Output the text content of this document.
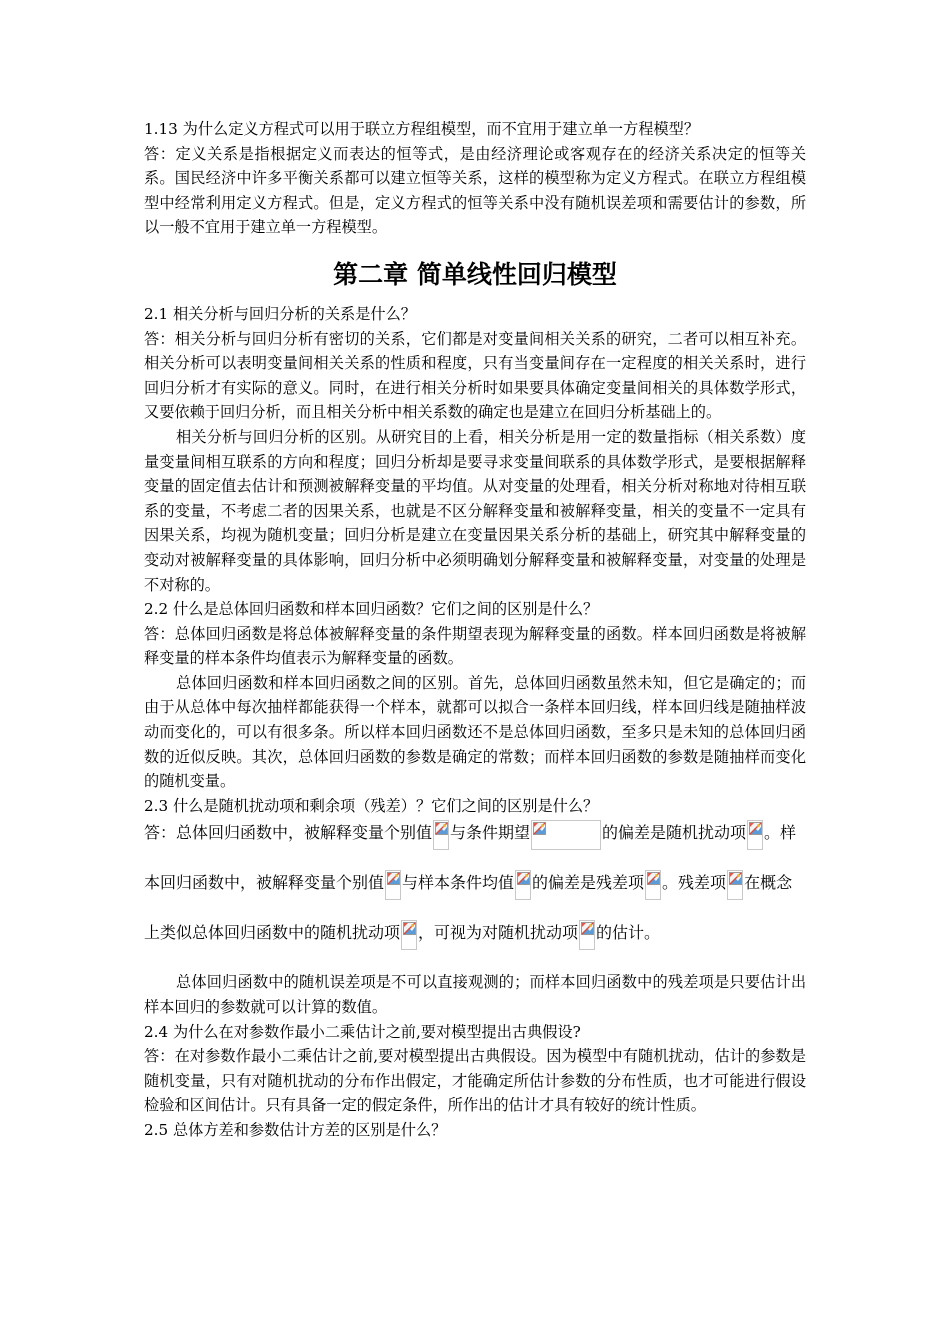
1.13 为什么定义方程式可以用于联立方程组模型，而不宜用于建立单一方程模型？

答：定义关系是指根据定义而表达的恒等式，是由经济理论或客观存在的经济关系决定的恒等关系。国民经济中许多平衡关系都可以建立恒等关系，这样的模型称为定义方程式。在联立方程组模型中经常利用定义方程式。但是，定义方程式的恒等关系中没有随机误差项和需要估计的参数，所以一般不宜用于建立单一方程模型。

第二章 简单线性回归模型

2.1 相关分析与回归分析的关系是什么？

答：相关分析与回归分析有密切的关系，它们都是对变量间相关关系的研究，二者可以相互补充。相关分析可以表明变量间相关关系的性质和程度，只有当变量间存在一定程度的相关关系时，进行回归分析才有实际的意义。同时，在进行相关分析时如果要具体确定变量间相关的具体数学形式，又要依赖于回归分析，而且相关分析中相关系数的确定也是建立在回归分析基础上的。

相关分析与回归分析的区别。从研究目的上看，相关分析是用一定的数量指标（相关系数）度量变量间相互联系的方向和程度；回归分析却是要寻求变量间联系的具体数学形式，是要根据解释变量的固定值去估计和预测被解释变量的平均值。从对变量的处理看，相关分析对称地对待相互联系的变量，不考虑二者的因果关系，也就是不区分解释变量和被解释变量，相关的变量不一定具有因果关系，均视为随机变量；回归分析是建立在变量因果关系分析的基础上，研究其中解释变量的变动对被解释变量的具体影响，回归分析中必须明确划分解释变量和被解释变量，对变量的处理是不对称的。

2.2 什么是总体回归函数和样本回归函数？它们之间的区别是什么？

答：总体回归函数是将总体被解释变量的条件期望表现为解释变量的函数。样本回归函数是将被解释变量的样本条件均值表示为解释变量的函数。

总体回归函数和样本回归函数之间的区别。首先，总体回归函数虽然未知，但它是确定的；而由于从总体中每次抽样都能获得一个样本，就都可以拟合一条样本回归线，样本回归线是随抽样波动而变化的，可以有很多条。所以样本回归函数还不是总体回归函数，至多只是未知的总体回归函数的近似反映。其次，总体回归函数的参数是确定的常数；而样本回归函数的参数是随抽样而变化的随机变量。

2.3 什么是随机扰动项和剩余项（残差）？它们之间的区别是什么？

答：总体回归函数中，被解释变量个别值 与条件期望	的偏差是随机扰动项 。样
本回归函数中，被解释变量个别值 与样本条件均值 的偏差是残差项 。残差项 在概念
上类似总体回归函数中的随机扰动项 ，可视为对随机扰动项 的估计。

总体回归函数中的随机误差项是不可以直接观测的；而样本回归函数中的残差项是只要估计出样本回归的参数就可以计算的数值。

2.4 为什么在对参数作最小二乘估计之前,要对模型提出古典假设?

答：在对参数作最小二乘估计之前,要对模型提出古典假设。因为模型中有随机扰动，估计的参数是随机变量，只有对随机扰动的分布作出假定，才能确定所估计参数的分布性质，也才可能进行假设检验和区间估计。只有具备一定的假定条件，所作出的估计才具有较好的统计性质。

2.5 总体方差和参数估计方差的区别是什么？
